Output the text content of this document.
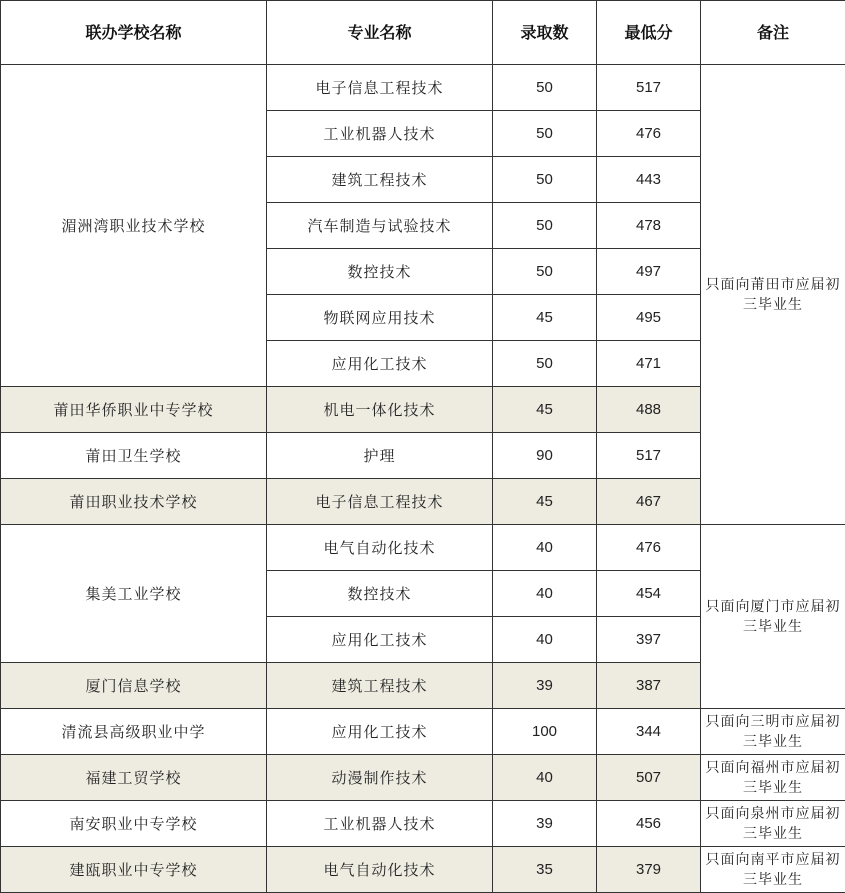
联办学校名称	专业名称	录取数	最低分	备注
湄洲湾职业技术学校	电子信息工程技术	50	517	只面向莆田市应届初三毕业生
	工业机器人技术	50	476	
	建筑工程技术	50	443	
	汽车制造与试验技术	50	478	
	数控技术	50	497	
	物联网应用技术	45	495	
	应用化工技术	50	471	
莆田华侨职业中专学校	机电一体化技术	45	488	
莆田卫生学校	护理	90	517	
莆田职业技术学校	电子信息工程技术	45	467	
集美工业学校	电气自动化技术	40	476	只面向厦门市应届初三毕业生
	数控技术	40	454	
	应用化工技术	40	397	
厦门信息学校	建筑工程技术	39	387	
清流县高级职业中学	应用化工技术	100	344	只面向三明市应届初三毕业生
福建工贸学校	动漫制作技术	40	507	只面向福州市应届初三毕业生
南安职业中专学校	工业机器人技术	39	456	只面向泉州市应届初三毕业生
建瓯职业中专学校	电气自动化技术	35	379	只面向南平市应届初三毕业生
